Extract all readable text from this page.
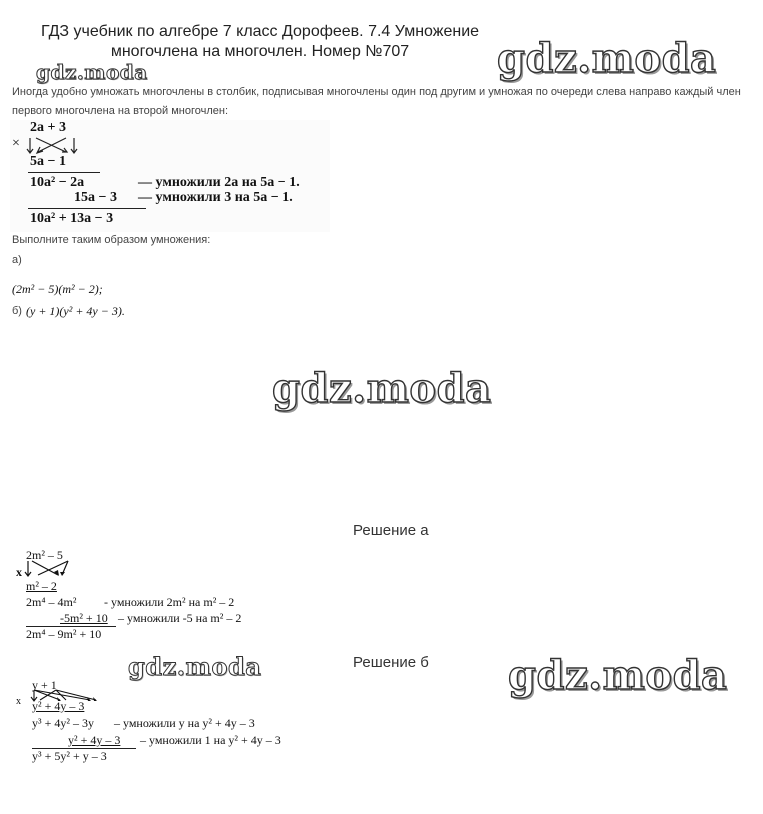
ГДЗ учебник по алгебре 7 класс Дорофеев. 7.4 Умножение многочлена на многочлен. Номер №707	gdz.moda
gdz.moda
gdz.moda
gdz.moda	gdz.moda
Иногда удобно умножать многочлены в столбик, подписывая многочлены один под другим и умножая по очереди слева направо каждый член первого многочлена на второй многочлен:
2a + 3
×
5a − 1
10a² − 2a	— умножили 2a на 5a − 1.
15a − 3 — умножили 3 на 5a − 1.
10a² + 13a − 3
Выполните таким образом умножения:
а)
(2m² − 5)(m² − 2);
б) (y + 1)(y² + 4y − 3).
Решение а
2m² – 5
x
m² – 2
2m⁴ – 4m² - умножили 2m² на m² – 2
-5m² + 10 – умножили -5 на m² – 2
2m⁴ – 9m² + 10
Решение б
y + 1
x y² + 4y – 3
y³ + 4y² – 3y – умножили y на y² + 4y – 3
y² + 4y – 3 – умножили 1 на y² + 4y – 3
y³ + 5y² + y – 3
